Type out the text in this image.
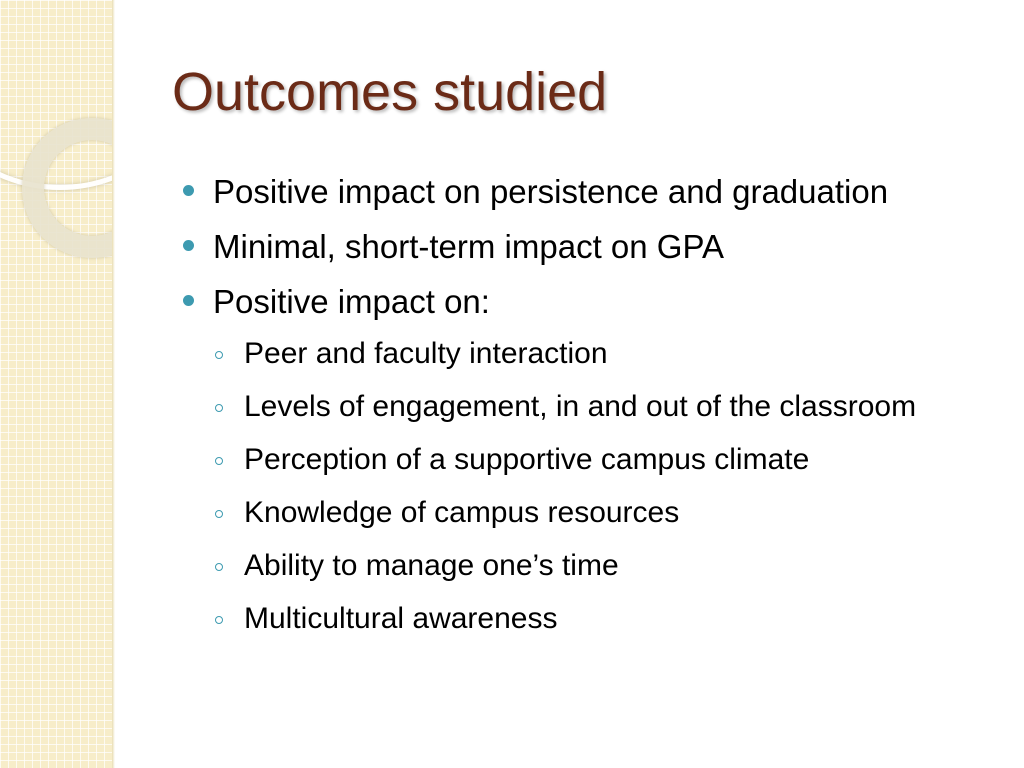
Outcomes studied
Positive impact on persistence and graduation
Minimal, short-term impact on GPA
Positive impact on:
Peer and faculty interaction
Levels of engagement, in and out of the classroom
Perception of a supportive campus climate
Knowledge of campus resources
Ability to manage one’s time
Multicultural awareness
